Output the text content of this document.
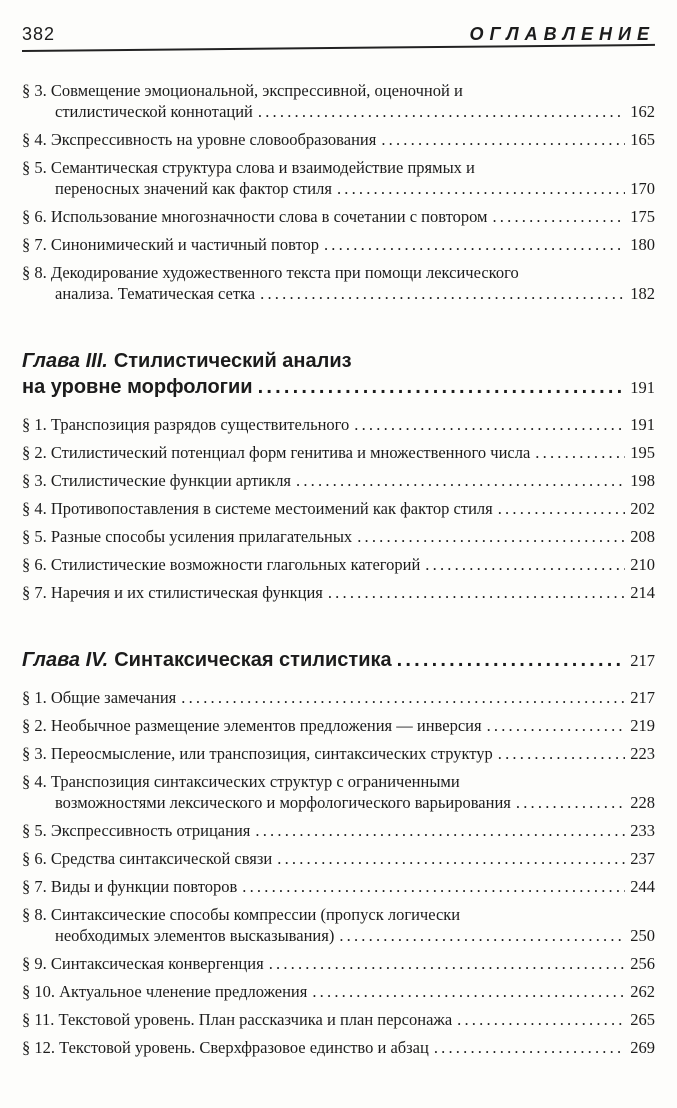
382	ОГЛАВЛЕНИЕ
§ 3. Совмещение эмоциональной, экспрессивной, оценочной и
стилистической коннотаций .....	162
§ 4. Экспрессивность на уровне словообразования .....	165
§ 5. Семантическая структура слова и взаимодействие прямых и
переносных значений как фактор стиля .....	170
§ 6. Использование многозначности слова в сочетании с повтором .....	175
§ 7. Синонимический и частичный повтор .....	180
§ 8. Декодирование художественного текста при помощи лексического
анализа. Тематическая сетка .....	182
Глава III. Стилистический анализ
на уровне морфологии .....	191
§ 1. Транспозиция разрядов существительного .....	191
§ 2. Стилистический потенциал форм генитива и множественного числа .....	195
§ 3. Стилистические функции артикля .....	198
§ 4. Противопоставления в системе местоимений как фактор стиля .....	202
§ 5. Разные способы усиления прилагательных .....	208
§ 6. Стилистические возможности глагольных категорий .....	210
§ 7. Наречия и их стилистическая функция .....	214
Глава IV. Синтаксическая стилистика .....	217
§ 1. Общие замечания .....	217
§ 2. Необычное размещение элементов предложения — инверсия .....	219
§ 3. Переосмысление, или транспозиция, синтаксических структур .....	223
§ 4. Транспозиция синтаксических структур с ограниченными
возможностями лексического и морфологического варьирования .....	228
§ 5. Экспрессивность отрицания .....	233
§ 6. Средства синтаксической связи .....	237
§ 7. Виды и функции повторов .....	244
§ 8. Синтаксические способы компрессии (пропуск логически
необходимых элементов высказывания) .....	250
§ 9. Синтаксическая конвергенция .....	256
§ 10. Актуальное членение предложения .....	262
§ 11. Текстовой уровень. План рассказчика и план персонажа .....	265
§ 12. Текстовой уровень. Сверхфразовое единство и абзац .....	269
